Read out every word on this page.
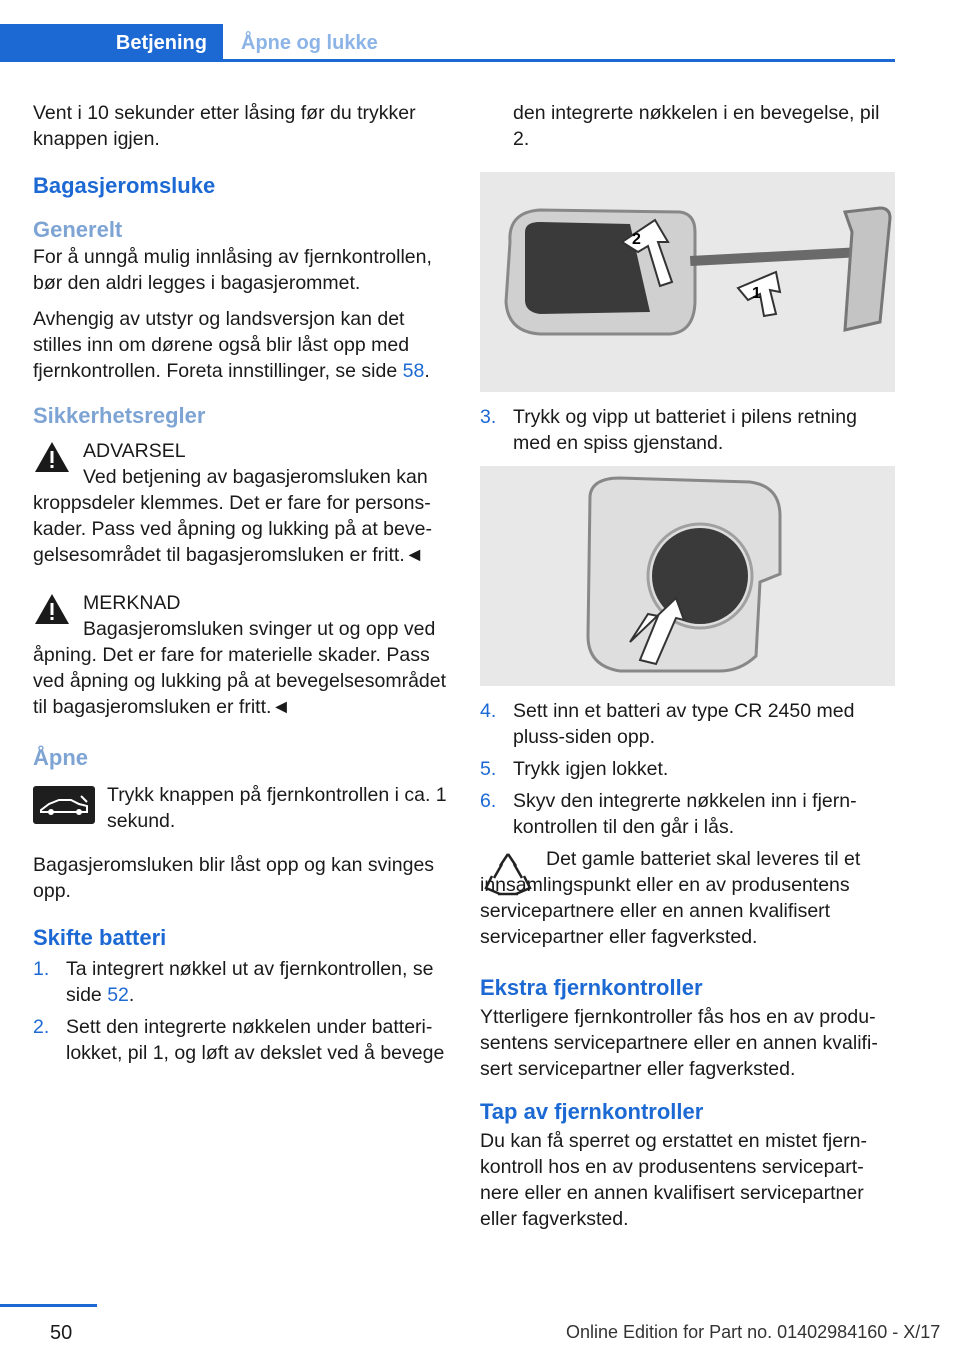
Betjening Åpne og lukke

Vent i 10 sekunder etter låsing før du trykker knappen igjen.

Bagasjeromsluke
Generelt

For å unngå mulig innlåsing av fjernkontrollen, bør den aldri legges i bagasjerommet.

Avhengig av utstyr og landsversjon kan det stilles inn om dørene også blir låst opp med fjernkontrollen. Foreta innstillinger, se side 58.

Sikkerhetsregler
ADVARSEL
Ved betjening av bagasjeromsluken kan kroppsdeler klemmes. Det er fare for personskader. Pass ved åpning og lukking på at bevegelsesområdet til bagasjeromsluken er fritt.◄
MERKNAD
Bagasjeromsluken svinger ut og opp ved åpning. Det er fare for materielle skader. Pass ved åpning og lukking på at bevegelsesområdet til bagasjeromsluken er fritt.◄
Åpne
Trykk knappen på fjernkontrollen i ca. 1 sekund.

Bagasjeromsluken blir låst opp og kan svinges opp.

Skifte batteri
1. Ta integrert nøkkel ut av fjernkontrollen, se side 52.
2. Sett den integrerte nøkkelen under batterilokket, pil 1, og løft av dekslet ved å bevege

den integrerte nøkkelen i en bevegelse, pil 2.

2
1
3. Trykk og vipp ut batteriet i pilens retning med en spiss gjenstand.
4. Sett inn et batteri av type CR 2450 med pluss-siden opp.
5. Trykk igjen lokket.
6. Skyv den integrerte nøkkelen inn i fjernkontrollen til den går i lås.
Det gamle batteriet skal leveres til et innsamlingspunkt eller en av produsentens servicepartnere eller en annen kvalifisert servicepartner eller fagverksted.
Ekstra fjernkontroller

Ytterligere fjernkontroller fås hos en av produsentens servicepartnere eller en annen kvalifisert servicepartner eller fagverksted.

Tap av fjernkontroller

Du kan få sperret og erstattet en mistet fjernkontroll hos en av produsentens servicepartnere eller en annen kvalifisert servicepartner eller fagverksted.

50	Online Edition for Part no. 01402984160 - X/17
